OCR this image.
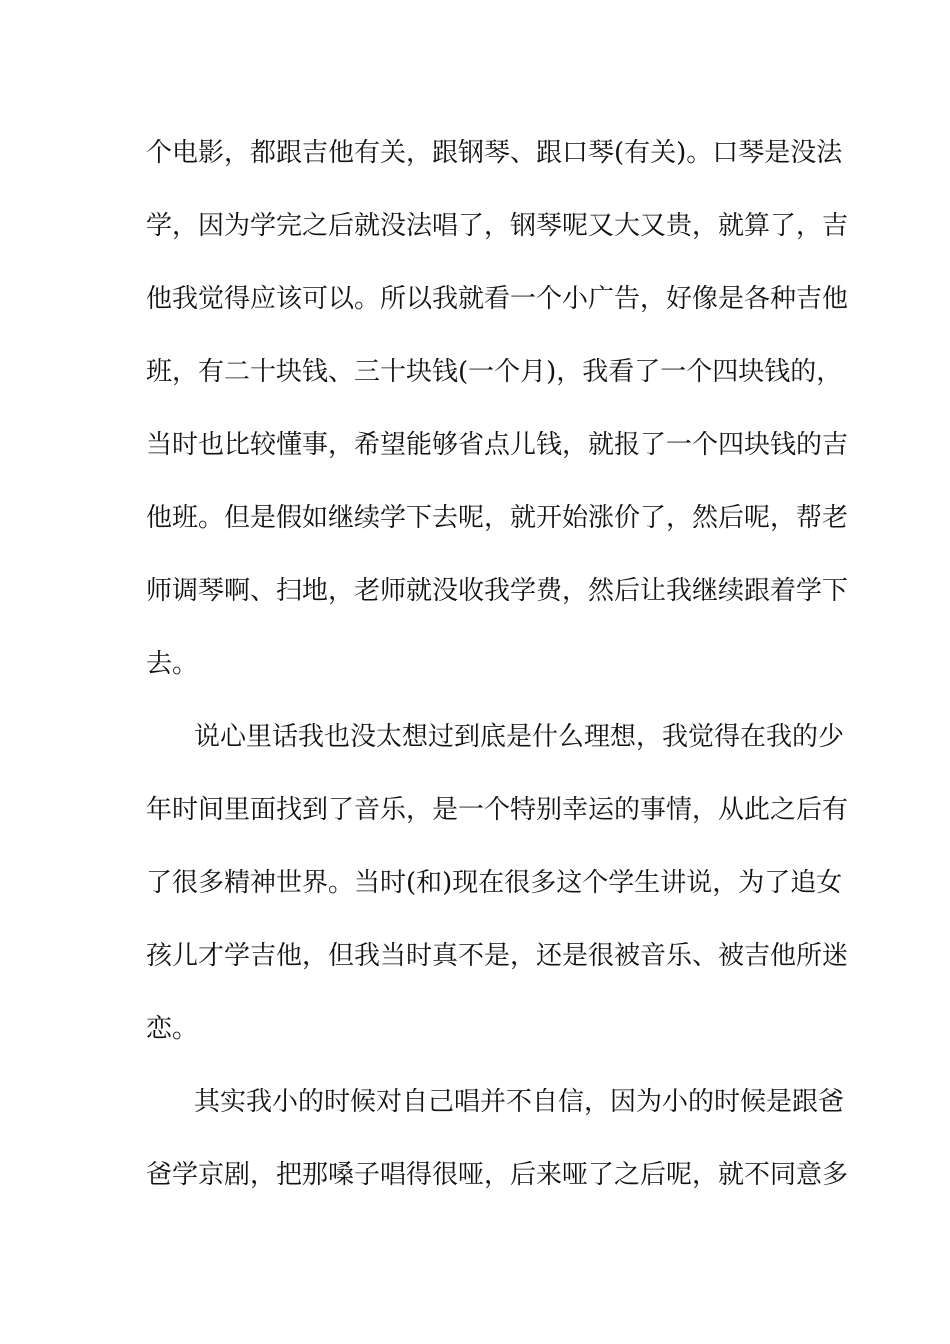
个电影，都跟吉他有关，跟钢琴、跟口琴(有关)。口琴是没法
学，因为学完之后就没法唱了，钢琴呢又大又贵，就算了，吉
他我觉得应该可以。所以我就看一个小广告，好像是各种吉他
班，有二十块钱、三十块钱(一个月)，我看了一个四块钱的，
当时也比较懂事，希望能够省点儿钱，就报了一个四块钱的吉
他班。但是假如继续学下去呢，就开始涨价了，然后呢，帮老
师调琴啊、扫地，老师就没收我学费，然后让我继续跟着学下
去。
说心里话我也没太想过到底是什么理想，我觉得在我的少
年时间里面找到了音乐，是一个特别幸运的事情，从此之后有
了很多精神世界。当时(和)现在很多这个学生讲说，为了追女
孩儿才学吉他，但我当时真不是，还是很被音乐、被吉他所迷
恋。
其实我小的时候对自己唱并不自信，因为小的时候是跟爸
爸学京剧，把那嗓子唱得很哑，后来哑了之后呢，就不同意多
